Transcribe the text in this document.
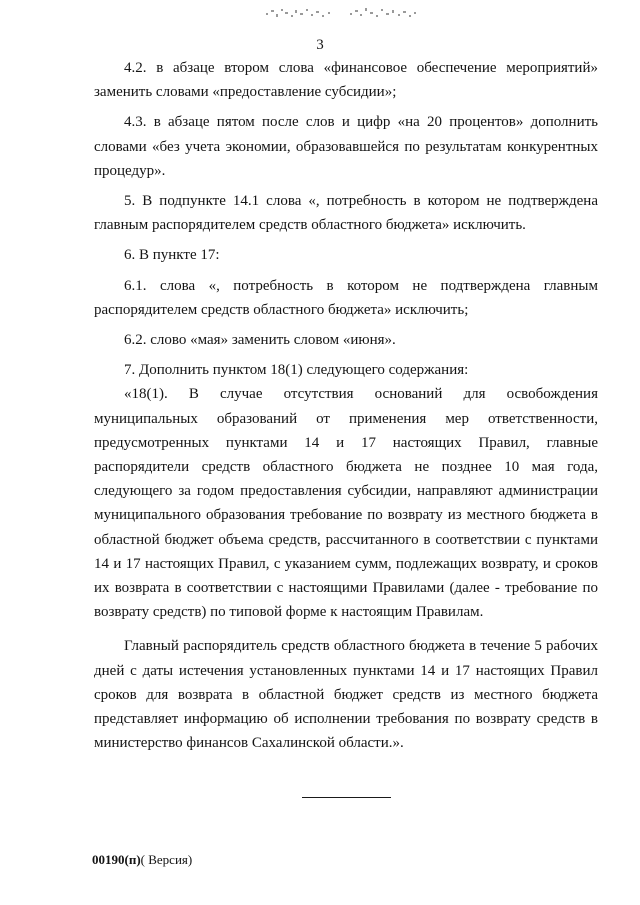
3

4.2. в абзаце втором слова «финансовое обеспечение мероприятий» заменить словами «предоставление субсидии»;

4.3. в абзаце пятом после слов и цифр «на 20 процентов» дополнить словами «без учета экономии, образовавшейся по результатам конкурентных процедур».

5. В подпункте 14.1 слова «, потребность в котором не подтверждена главным распорядителем средств областного бюджета» исключить.

6. В пункте 17:

6.1. слова «, потребность в котором не подтверждена главным распорядителем средств областного бюджета» исключить;

6.2. слово «мая» заменить словом «июня».

7. Дополнить пунктом 18(1) следующего содержания:

«18(1). В случае отсутствия оснований для освобождения муниципальных образований от применения мер ответственности, предусмотренных пунктами 14 и 17 настоящих Правил, главные распорядители средств областного бюджета не позднее 10 мая года, следующего за годом предоставления субсидии, направляют администрации муниципального образования требование по возврату из местного бюджета в областной бюджет объема средств, рассчитанного в соответствии с пунктами 14 и 17 настоящих Правил, с указанием сумм, подлежащих возврату, и сроков их возврата в соответствии с настоящими Правилами (далее - требование по возврату средств) по типовой форме к настоящим Правилам.

Главный распорядитель средств областного бюджета в течение 5 рабочих дней с даты истечения установленных пунктами 14 и 17 настоящих Правил сроков для возврата в областной бюджет средств из местного бюджета представляет информацию об исполнении требования по возврату средств в министерство финансов Сахалинской области.».

00190(п)( Версия)
